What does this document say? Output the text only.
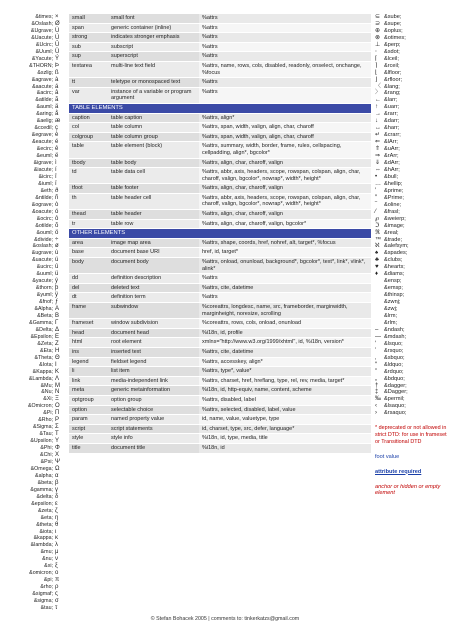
&times; ×
&Oslash; Ø
&Ugrave; Ù
&Uacute; Ú
&Ucirc; Û
&Uuml; Ü
&Yacute; Ý
&THORN; Þ
&szlig; ß
&agrave; à
&aacute; á
&acirc; â
&atilde; ã
&auml; ä
&aring; å
&aelig; æ
&ccedil; ç
&egrave; è
&eacute; é
&ecirc; ê
&euml; ë
&igrave; ì
&iacute; í
&icirc; î
&iuml; ï
&eth; ð
&ntilde; ñ
&ograve; ò
&oacute; ó
&ocirc; ô
&otilde; õ
&ouml; ö
&divide; ÷
&oslash; ø
&ugrave; ù
&uacute; ú
&ucirc; û
&uuml; ü
&yacute; ý
&thorn; þ
&yuml; ÿ
&fnof; ƒ
&Alpha; Α
&Beta; Β
&Gamma; Γ
&Delta; Δ
&Epsilon; Ε
&Zeta; Ζ
&Eta; Η
&Theta; Θ
&Iota; Ι
&Kappa; Κ
&Lambda; Λ
&Mu; Μ
&Nu; Ν
&Xi; Ξ
&Omicron; Ο
&Pi; Π
&Rho; Ρ
&Sigma; Σ
&Tau; Τ
&Upsilon; Υ
&Phi; Φ
&Chi; Χ
&Psi; Ψ
&Omega; Ω
&alpha; α
&beta; β
&gamma; γ
&delta; δ
&epsilon; ε
&zeta; ζ
&eta; η
&theta; θ
&iota; ι
&kappa; κ
&lambda; λ
&mu; μ
&nu; ν
&xi; ξ
&omicron; ο
&pi; π
&rho; ρ
&sigmaf; ς
&sigma; σ
&tau; τ
small	small font	%attrs
span	generic container (inline)	%attrs
strong	indicates stronger emphasis	%attrs
sub	subscript	%attrs
sup	superscript	%attrs
textarea	multi-line text field	%attrs, name, rows, cols, disabled, readonly, onselect, onchange, %focus
tt	teletype or monospaced text	%attrs
var	instance of a variable or program argument	%attrs
TABLE ELEMENTS		
caption	table caption	%attrs, align*
col	table column	%attrs, span, width, valign, align, char, charoff
colgroup	table column group	%attrs, span, width, valign, align, char, charoff
table	table element (block)	%attrs, summary, width, border, frame, rules, cellspacing, cellpadding, align*, bgcolor*
tbody	table body	%attrs, align, char, charoff, valign
td	table data cell	%attrs, abbr, axis, headers, scope, rowspan, colspan, align, char, charoff, valign, bgcolor*, nowrap*, width*, height*
tfoot	table footer	%attrs, align, char, charoff, valign
th	table header cell	%attrs, abbr, axis, headers, scope, rowspan, colspan, align, char, charoff, valign, bgcolor*, nowrap*, width*, height*
thead	table header	%attrs, align, char, charoff, valign
tr	table row	%attrs, align, char, charoff, valign, bgcolor*
OTHER ELEMENTS		
area	image map area	%attrs, shape, coords, href, nohref, alt, target*, %focus
base	document base URI	href, id, target*
body	document body	%attrs, onload, onunload, background*, bgcolor*, text*, link*, vlink*, alink*
dd	definition description	%attrs
del	deleted text	%attrs, cite, datetime
dt	definition term	%attrs
frame	subwindow	%coreattrs, longdesc, name, src, frameborder, marginwidth, marginheight, noresize, scrolling
frameset	window subdivision	%coreattrs, rows, cols, onload, onunload
head	document head	%i18n, id, profile
html	root element	xmlns="http://www.w3.org/1999/xhtml", id, %i18n, version*
ins	inserted text	%attrs, cite, datetime
legend	fieldset legend	%attrs, accesskey, align*
li	list item	%attrs, type*, value*
link	media-independent link	%attrs, charset, href, hreflang, type, rel, rev, media, target*
meta	generic metainformation	%i18n, id, http-equiv, name, content, scheme
optgroup	option group	%attrs, disabled, label
option	selectable choice	%attrs, selected, disabled, label, value
param	named property value	id, name, value, valuetype, type
script	script statements	id, charset, type, src, defer, language*
style	style info	%i18n, id, type, media, title
title	document title	%i18n, id
⊆ &sube;
⊇ &supe;
⊕ &oplus;
⊗ &otimes;
⊥ &perp;
⋅ &sdot;
⌈ &lceil;
⌉ &rceil;
⌊ &lfloor;
⌋ &rfloor;
〈 &lang;
〉 &rang;
← &larr;
↑ &uarr;
→ &rarr;
↓ &darr;
↔ &harr;
↵ &crarr;
⇐ &lArr;
⇑ &uArr;
⇒ &rArr;
⇓ &dArr;
⇔ &hArr;
• &bull;
… &hellip;
′ &prime;
″ &Prime;
‾ &oline;
⁄ &frasl;
℘ &weierp;
ℑ &image;
ℜ &real;
™ &trade;
ℵ &alefsym;
♠ &spades;
♣ &clubs;
♥ &hearts;
♦ &diams;
&ensp;
&emsp;
&thinsp;
&zwnj;
&zwj;
&lrm;
&rlm;
– &ndash;
— &mdash;
‘ &lsquo;
’ &rsquo;
‚ &sbquo;
“ &ldquo;
” &rdquo;
„ &bdquo;
† &dagger;
‡ &Dagger;
‰ &permil;
‹ &lsaquo;
› &rsaquo;
* deprecated or not allowed in strict DTD: for use in frameset or Transitional DTD
foot value
attribute required
anchor or hidden or empty element
© Stefan Bohacek 2005 | comments to: tinkerkatzs@gmail.com
